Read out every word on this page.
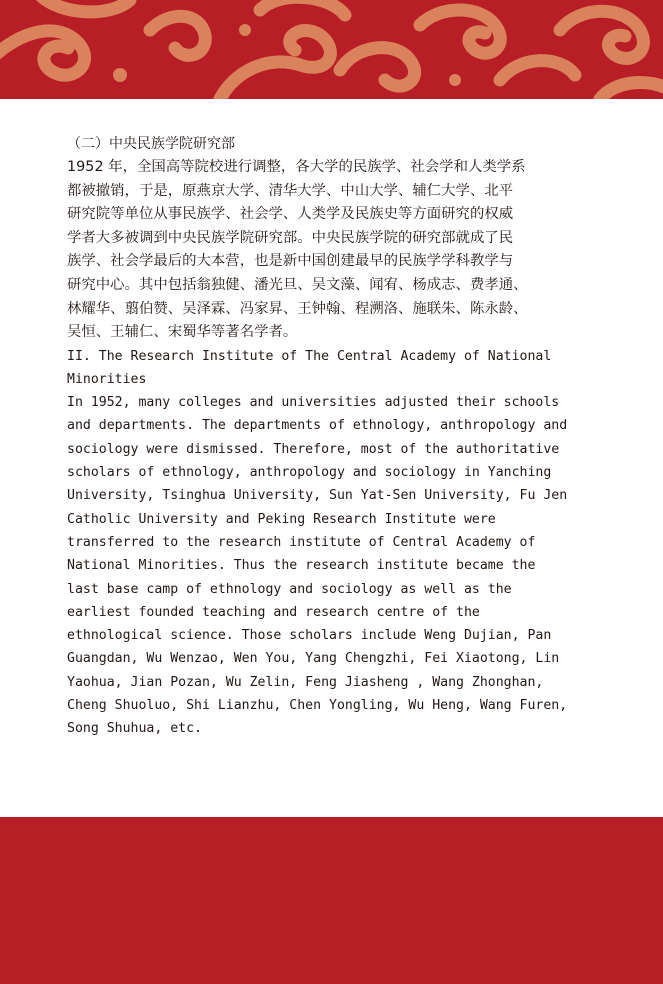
（二）中央民族学院研究部

1952 年，全国高等院校进行调整，各大学的民族学、社会学和人类学系
都被撤销，于是，原燕京大学、清华大学、中山大学、辅仁大学、北平
研究院等单位从事民族学、社会学、人类学及民族史等方面研究的权威
学者大多被调到中央民族学院研究部。中央民族学院的研究部就成了民
族学、社会学最后的大本营，也是新中国创建最早的民族学学科教学与
研究中心。其中包括翁独健、潘光旦、吴文藻、闻宥、杨成志、费孝通、
林耀华、翦伯赞、吴泽霖、冯家昇、王钟翰、程溯洛、施联朱、陈永龄、
吴恒、王辅仁、宋蜀华等著名学者。

II. The Research Institute of The Central Academy of National
Minorities

In 1952, many colleges and universities adjusted their schools
and departments. The departments of ethnology, anthropology and
sociology were dismissed. Therefore, most of the authoritative
scholars of ethnology, anthropology and sociology in Yanching
University, Tsinghua University, Sun Yat-Sen University, Fu Jen
Catholic University and Peking Research Institute were
transferred to the research institute of Central Academy of
National Minorities. Thus the research institute became the
last base camp of ethnology and sociology as well as the
earliest founded teaching and research centre of the
ethnological science. Those scholars include Weng Dujian, Pan
Guangdan, Wu Wenzao, Wen You, Yang Chengzhi, Fei Xiaotong, Lin
Yaohua, Jian Pozan, Wu Zelin, Feng Jiasheng , Wang Zhonghan,
Cheng Shuoluo, Shi Lianzhu, Chen Yongling, Wu Heng, Wang Furen,
Song Shuhua, etc.
